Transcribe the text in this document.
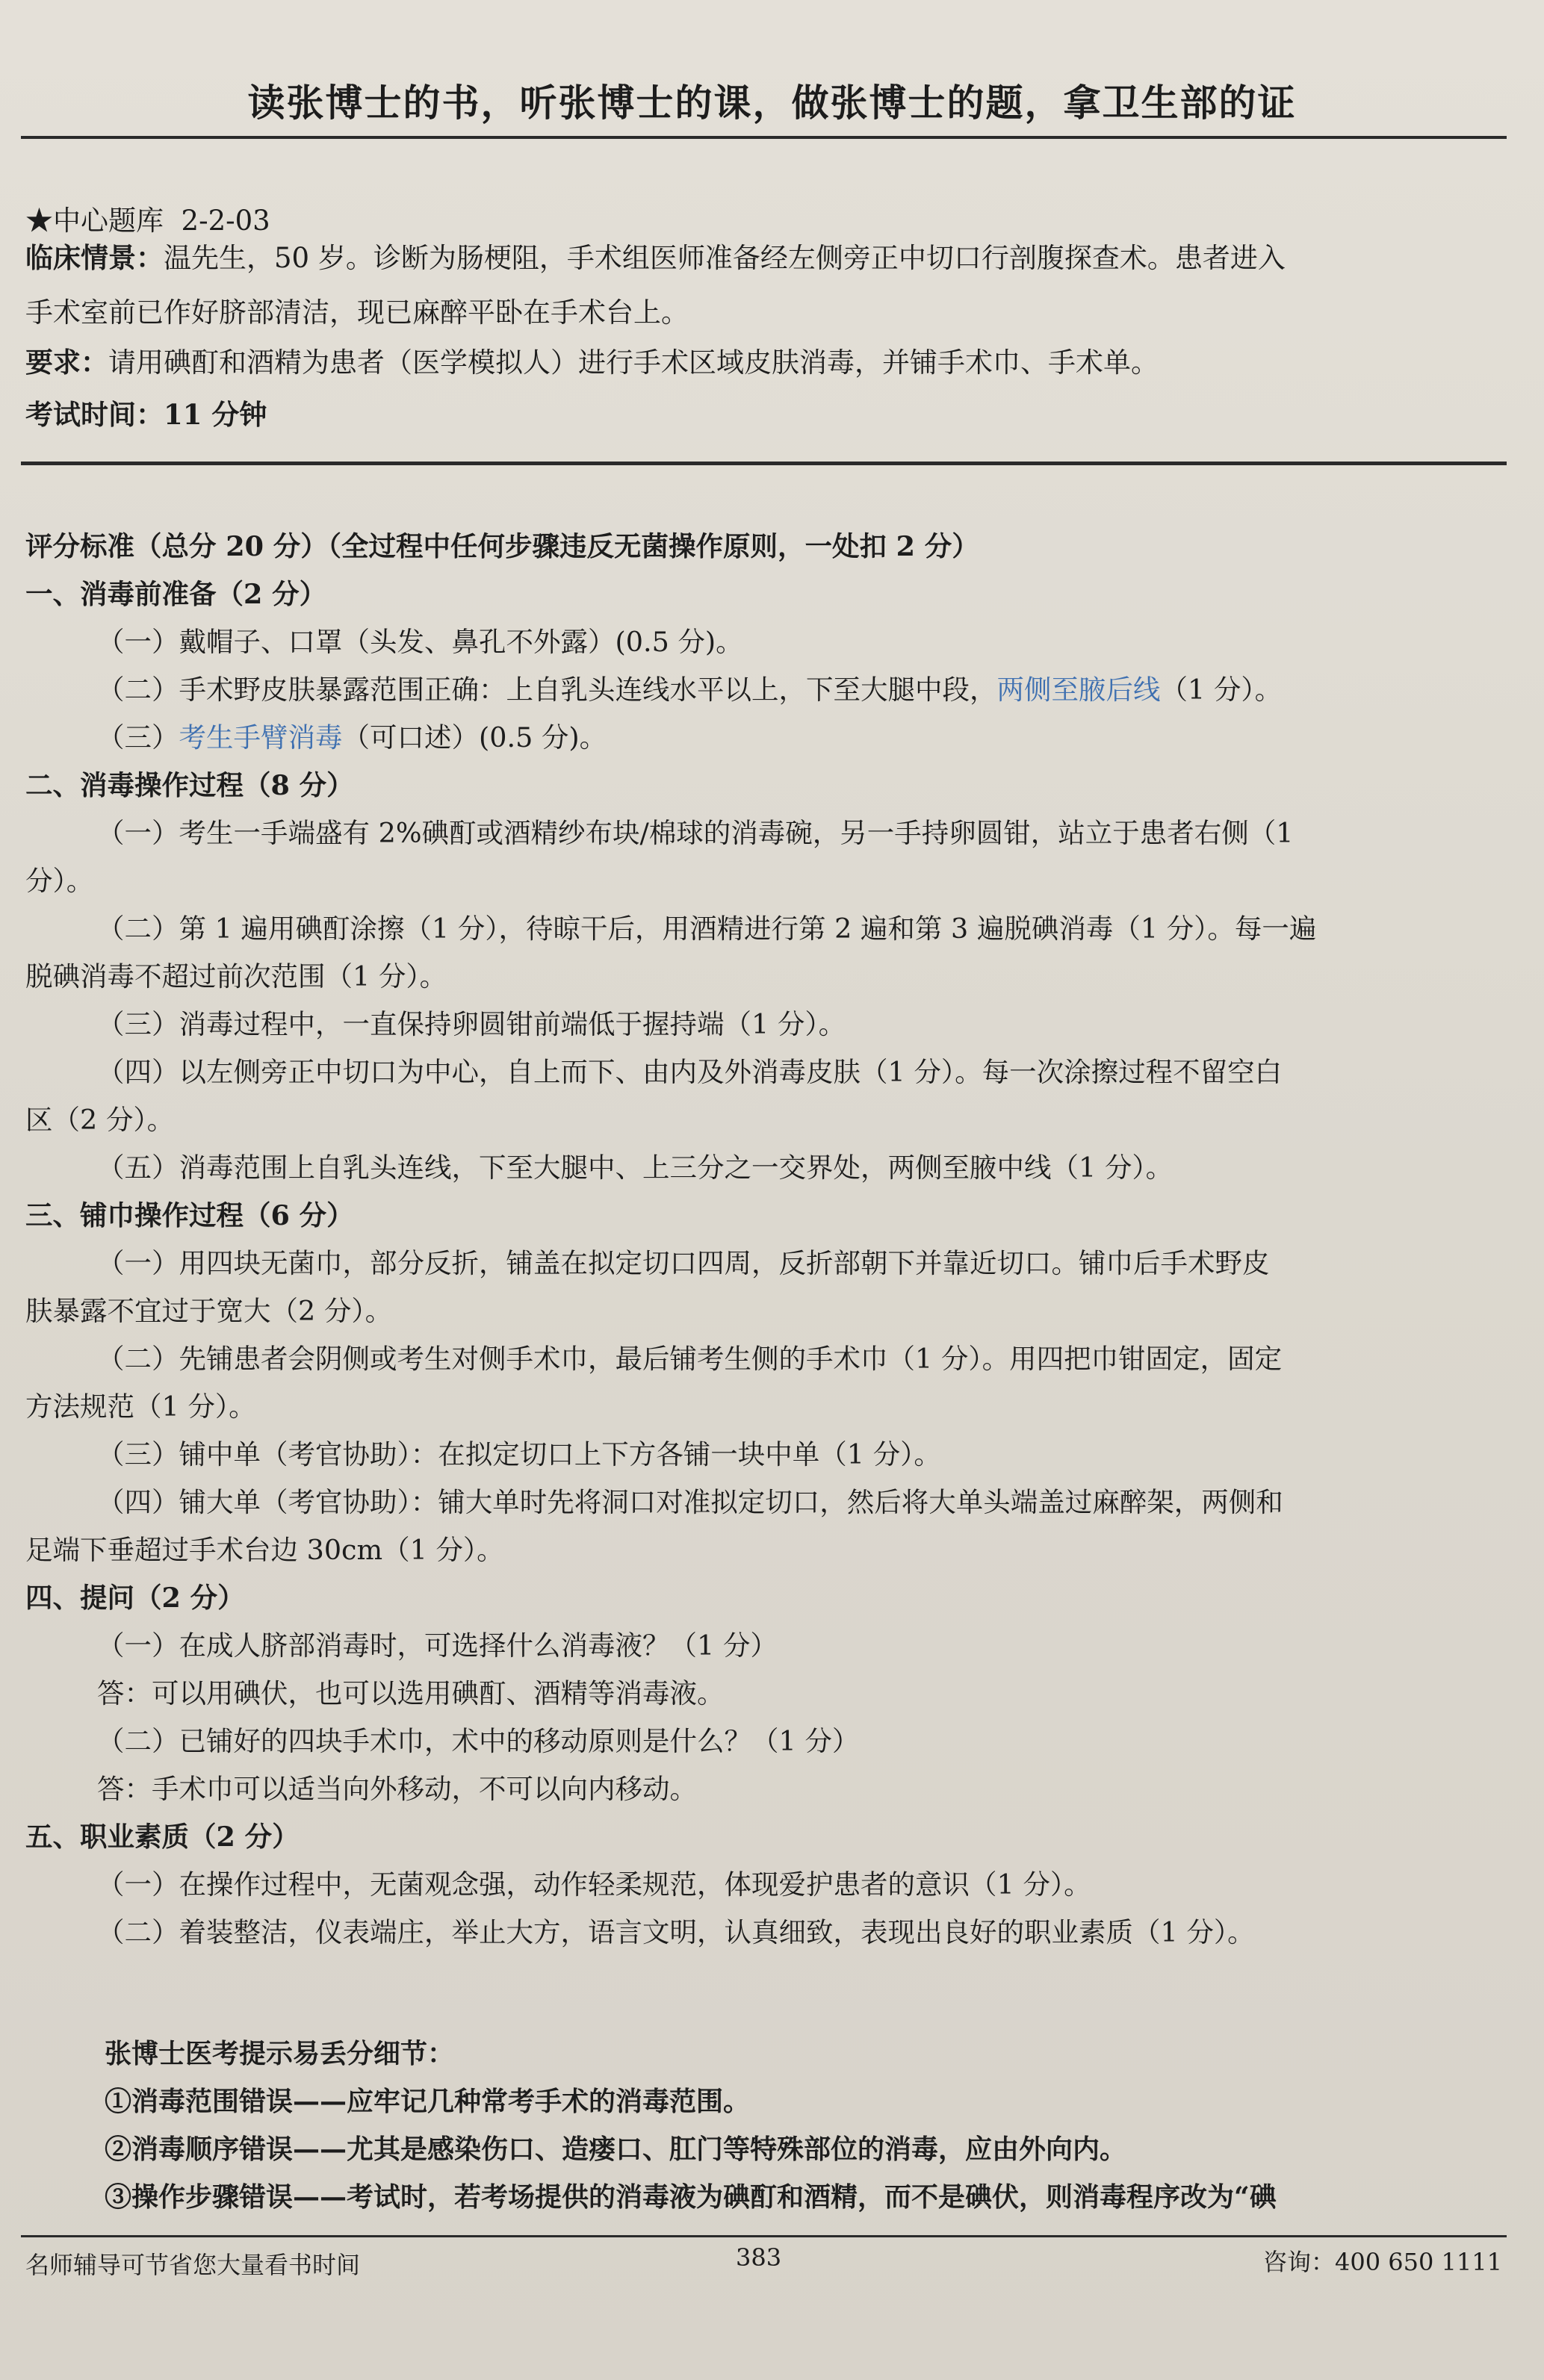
读张博士的书，听张博士的课，做张博士的题，拿卫生部的证
★中心题库 2-2-03
临床情景：温先生，50 岁。诊断为肠梗阻，手术组医师准备经左侧旁正中切口行剖腹探查术。患者进入
手术室前已作好脐部清洁，现已麻醉平卧在手术台上。
要求：请用碘酊和酒精为患者（医学模拟人）进行手术区域皮肤消毒，并铺手术巾、手术单。
考试时间：11 分钟
评分标准（总分 20 分）（全过程中任何步骤违反无菌操作原则，一处扣 2 分）
一、消毒前准备（2 分）
（一）戴帽子、口罩（头发、鼻孔不外露）(0.5 分)。
（二）手术野皮肤暴露范围正确：上自乳头连线水平以上，下至大腿中段，两侧至腋后线（1 分）。
（三）考生手臂消毒（可口述）(0.5 分)。
二、消毒操作过程（8 分）
（一）考生一手端盛有 2%碘酊或酒精纱布块/棉球的消毒碗，另一手持卵圆钳，站立于患者右侧（1
分）。
（二）第 1 遍用碘酊涂擦（1 分），待晾干后，用酒精进行第 2 遍和第 3 遍脱碘消毒（1 分）。每一遍
脱碘消毒不超过前次范围（1 分）。
（三）消毒过程中，一直保持卵圆钳前端低于握持端（1 分）。
（四）以左侧旁正中切口为中心，自上而下、由内及外消毒皮肤（1 分）。每一次涂擦过程不留空白
区（2 分）。
（五）消毒范围上自乳头连线，下至大腿中、上三分之一交界处，两侧至腋中线（1 分）。
三、铺巾操作过程（6 分）
（一）用四块无菌巾，部分反折，铺盖在拟定切口四周，反折部朝下并靠近切口。铺巾后手术野皮
肤暴露不宜过于宽大（2 分）。
（二）先铺患者会阴侧或考生对侧手术巾，最后铺考生侧的手术巾（1 分）。用四把巾钳固定，固定
方法规范（1 分）。
（三）铺中单（考官协助）：在拟定切口上下方各铺一块中单（1 分）。
（四）铺大单（考官协助）：铺大单时先将洞口对准拟定切口，然后将大单头端盖过麻醉架，两侧和
足端下垂超过手术台边 30cm（1 分）。
四、提问（2 分）
（一）在成人脐部消毒时，可选择什么消毒液？（1 分）
答：可以用碘伏，也可以选用碘酊、酒精等消毒液。
（二）已铺好的四块手术巾，术中的移动原则是什么？（1 分）
答：手术巾可以适当向外移动，不可以向内移动。
五、职业素质（2 分）
（一）在操作过程中，无菌观念强，动作轻柔规范，体现爱护患者的意识（1 分）。
（二）着装整洁，仪表端庄，举止大方，语言文明，认真细致，表现出良好的职业素质（1 分）。
张博士医考提示易丢分细节：
①消毒范围错误——应牢记几种常考手术的消毒范围。
②消毒顺序错误——尤其是感染伤口、造瘘口、肛门等特殊部位的消毒，应由外向内。
③操作步骤错误——考试时，若考场提供的消毒液为碘酊和酒精，而不是碘伏，则消毒程序改为“碘
名师辅导可节省您大量看书时间	383	咨询：400 650 1111
